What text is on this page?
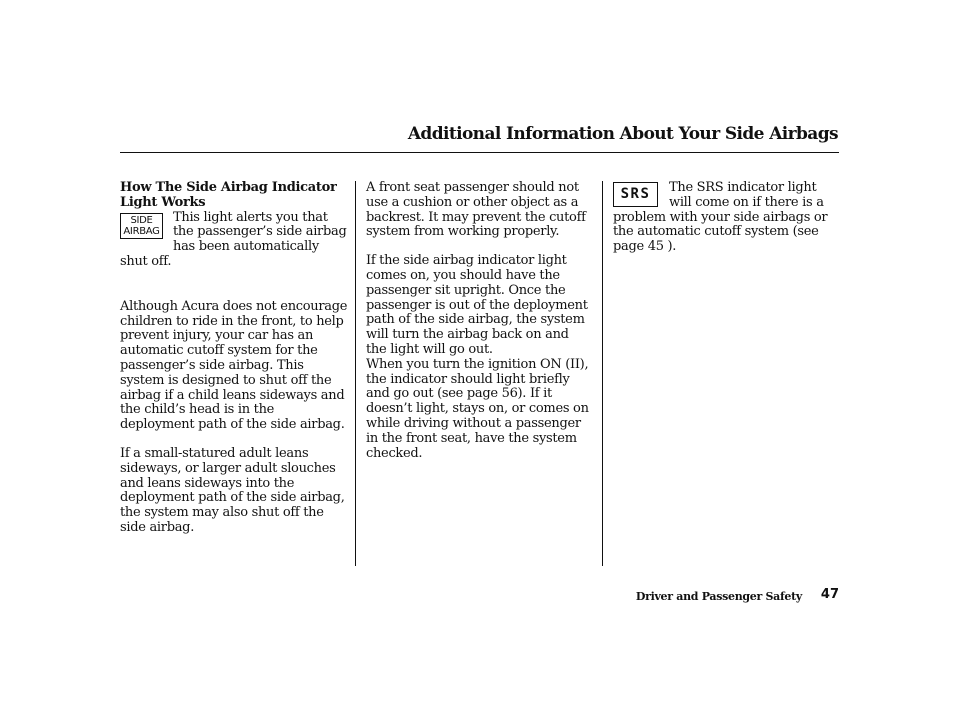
Additional Information About Your Side Airbags

How The Side Airbag Indicator Light Works

SIDE
AIRBAG

This light alerts you that the passenger’s side airbag has been automatically shut off.

Although Acura does not encourage children to ride in the front, to help prevent injury, your car has an automatic cutoff system for the passenger’s side airbag. This system is designed to shut off the airbag if a child leans sideways and the child’s head is in the deployment path of the side airbag.

If a small-statured adult leans sideways, or larger adult slouches and leans sideways into the deployment path of the side airbag, the system may also shut off the side airbag.

A front seat passenger should not use a cushion or other object as a backrest. It may prevent the cutoff system from working properly.

If the side airbag indicator light comes on, you should have the passenger sit upright. Once the passenger is out of the deployment path of the side airbag, the system will turn the airbag back on and the light will go out.

When you turn the ignition ON (II), the indicator should light briefly and go out (see page 56). If it doesn’t light, stays on, or comes on while driving without a passenger in the front seat, have the system checked.

SRS	The SRS indicator light will come on if there is a problem with your side airbags or the automatic cutoff system (see page 45 ).

Driver and Passenger Safety 47
